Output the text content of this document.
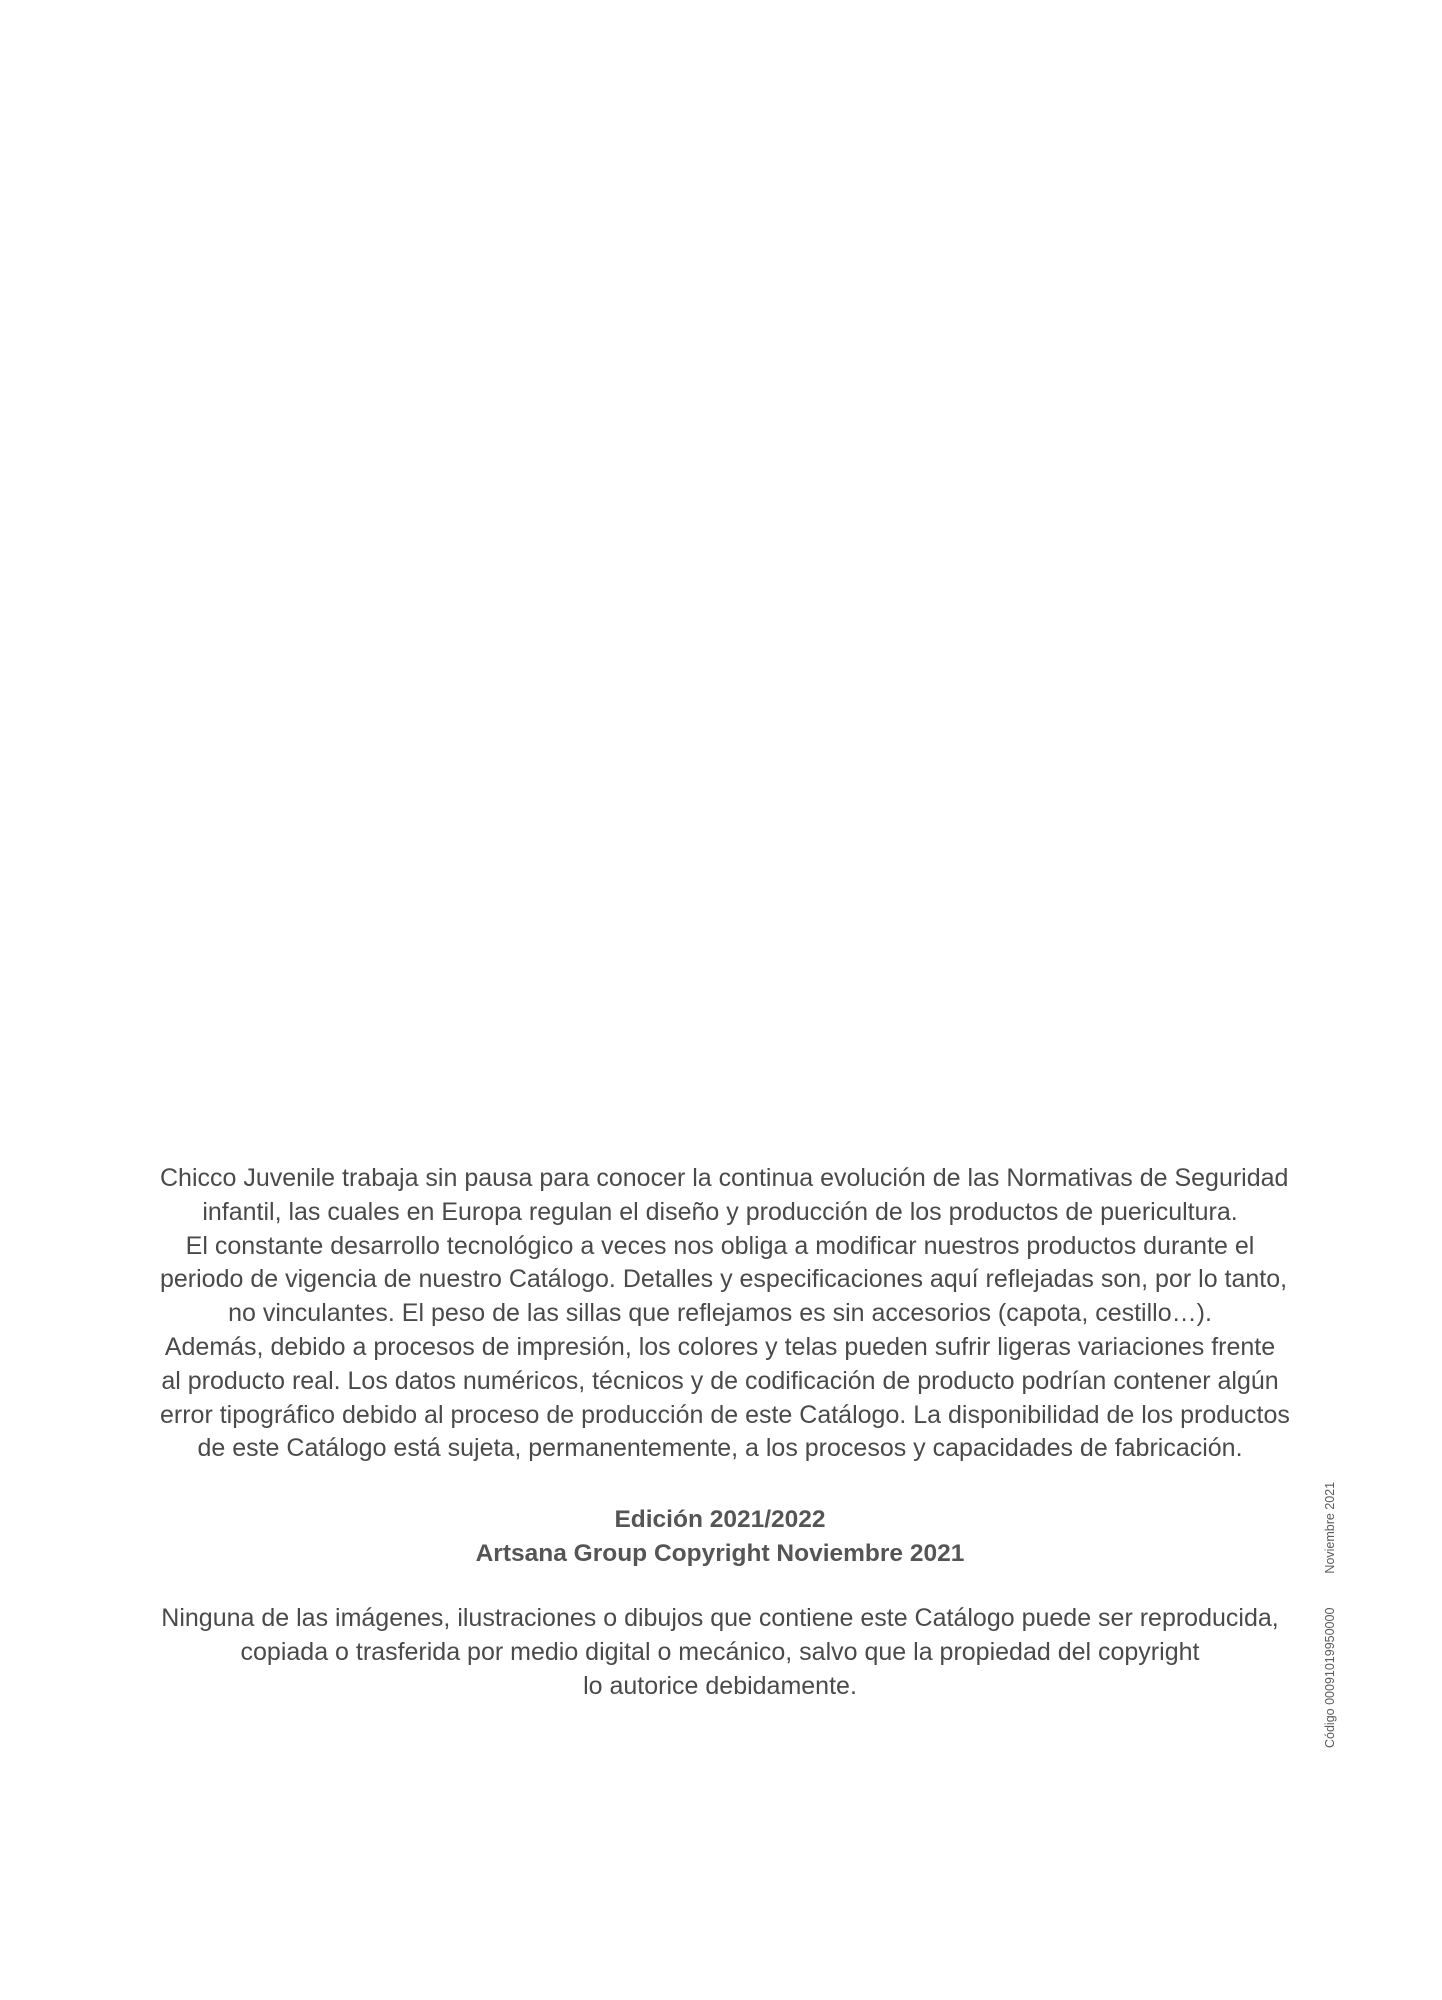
Chicco Juvenile trabaja sin pausa para conocer la continua evolución de las Normativas de Seguridad
infantil, las cuales en Europa regulan el diseño y producción de los productos de puericultura.
El constante desarrollo tecnológico a veces nos obliga a modificar nuestros productos durante el
periodo de vigencia de nuestro Catálogo. Detalles y especificaciones aquí reflejadas son, por lo tanto,
no vinculantes. El peso de las sillas que reflejamos es sin accesorios (capota, cestillo…).
Además, debido a procesos de impresión, los colores y telas pueden sufrir ligeras variaciones frente
al producto real. Los datos numéricos, técnicos y de codificación de producto podrían contener algún
error tipográfico debido al proceso de producción de este Catálogo. La disponibilidad de los productos
de este Catálogo está sujeta, permanentemente, a los procesos y capacidades de fabricación.
Edición 2021/2022
Artsana Group Copyright Noviembre 2021
Ninguna de las imágenes, ilustraciones o dibujos que contiene este Catálogo puede ser reproducida,
copiada o trasferida por medio digital o mecánico, salvo que la propiedad del copyright
lo autorice debidamente.	Código 00091019950000Noviembre 2021
